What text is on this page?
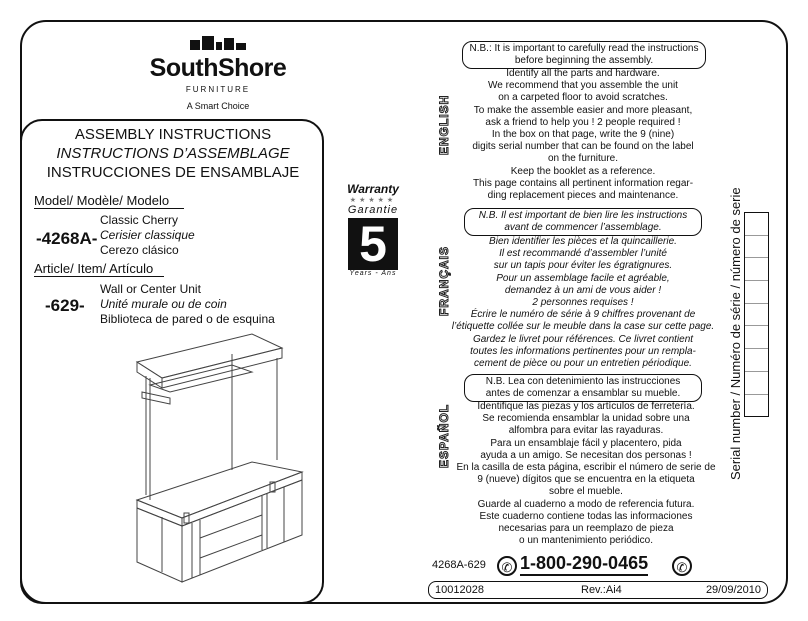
SouthShore
FURNITURE
A Smart Choice
ASSEMBLY INSTRUCTIONS
INSTRUCTIONS D’ASSEMBLAGE
INSTRUCCIONES DE ENSAMBLAJE
Model/ Modèle/ Modelo
-4268A-
Classic Cherry
Cerisier classique
Cerezo clásico
Article/ Item/ Artículo
-629-
Wall or Center Unit
Unité murale ou de coin
Biblioteca de pared o de esquina
Warranty
★★★★★
Garantie
5
Years - Ans
ENGLISH
N.B.: It is important to carefully read the instructions
before beginning the assembly.
Identify all the parts and hardware.
We recommend that you assemble the unit
on a carpeted floor to avoid scratches.
To make the assemble easier and more pleasant,
ask a friend to help you ! 2 people required !
In the box on that page, write the 9 (nine)
digits serial number that can be found on the label
on the furniture.
Keep the booklet as a reference.
This page contains all pertinent information regar-
ding replacement pieces and maintenance.
FRANÇAIS
N.B. Il est important de bien lire les instructions
avant de commencer l’assemblage.
Bien identifier les pièces et la quincaillerie.
Il est recommandé d’assembler l’unité
sur un tapis pour éviter les égratignures.
Pour un assemblage facile et agréable,
demandez à un ami de vous aider !
2 personnes requises !
Écrire le numéro de série à 9 chiffres provenant de
l’étiquette collée sur le meuble dans la case sur cette page.
Gardez le livret pour références. Ce livret contient
toutes les informations pertinentes pour un rempla-
cement de pièce ou pour un entretien périodique.
ESPAÑOL
N.B. Lea con detenimiento las instrucciones
antes de comenzar a ensamblar su mueble.
Identifique las piezas y los artículos de ferretería.
Se recomienda ensamblar la unidad sobre una
alfombra para evitar las rayaduras.
Para un ensamblaje fácil y placentero, pida
ayuda a un amigo. Se necesitan dos personas !
En la casilla de esta página, escribir el número de serie de
9 (nueve) dígitos que se encuentra en la etiqueta
sobre el mueble.
Guarde al cuaderno a modo de referencia futura.
Este cuaderno contiene todas las informaciones
necesarias para un reemplazo de pieza
o un mantenimiento periódico.
Serial number / Numéro de série / número de serie
4268A-629	✆ 1-800-290-0465	✆
10012028	Rev.:Ai4	29/09/2010
